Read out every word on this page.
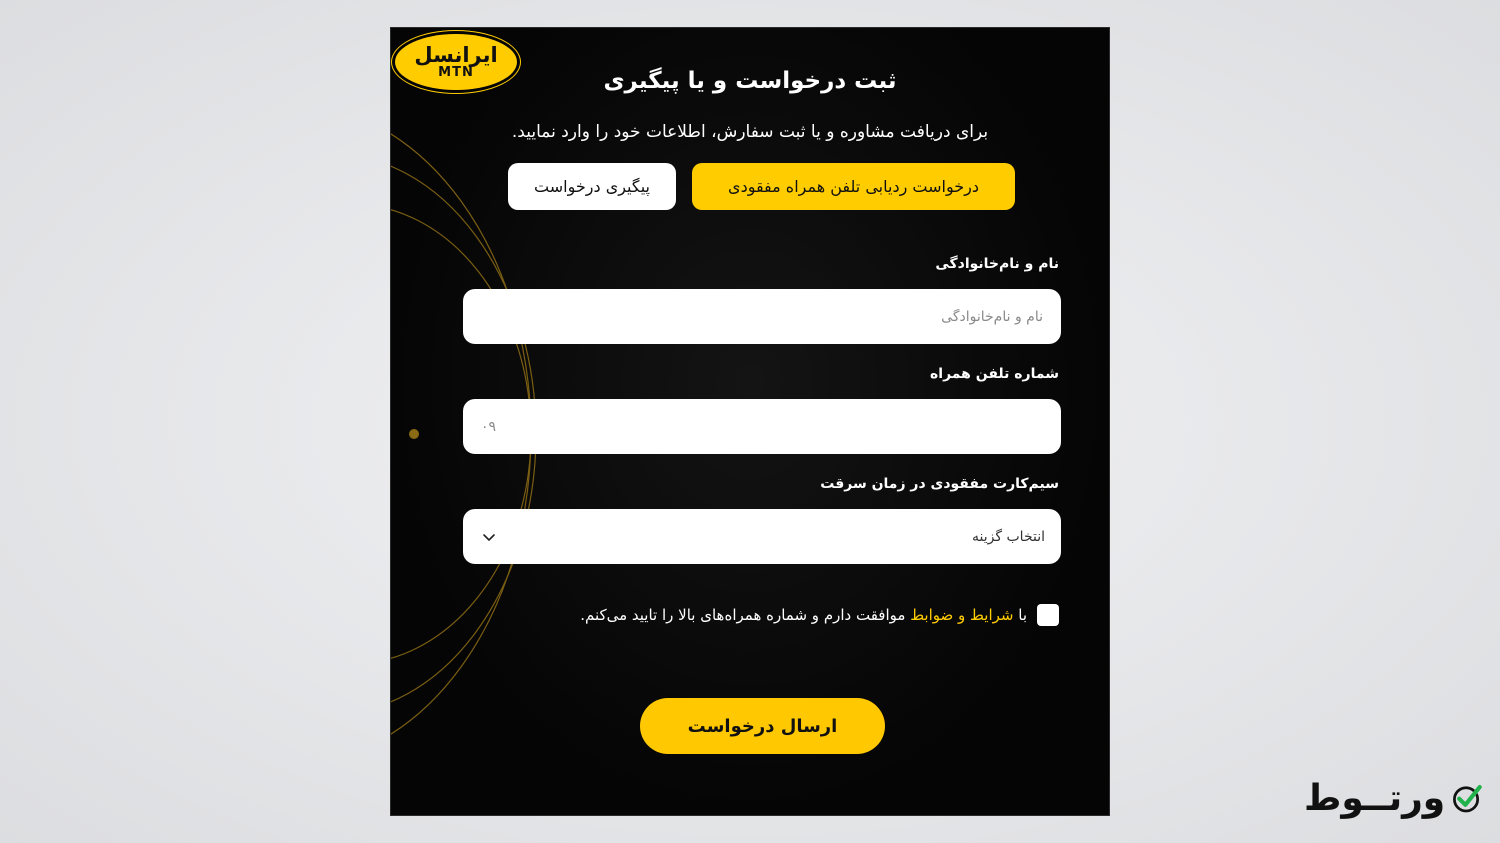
ایرانسل
MTN	ثبت درخواست و یا پیگیری
برای دریافت مشاوره و یا ثبت سفارش، اطلاعات خود را وارد نمایید.
درخواست ردیابی تلفن همراه مفقودی
پیگیری درخواست
نام و نام‌خانوادگی
نام و نام‌خانوادگی
شماره تلفن همراه
۰۹
سیم‌کارت مفقودی در زمان سرقت
انتخاب گزینه
با شرایط و ضوابط موافقت دارم و شماره همراه‌های بالا را تایید می‌کنم.
ارسال درخواست
ورتــوط
